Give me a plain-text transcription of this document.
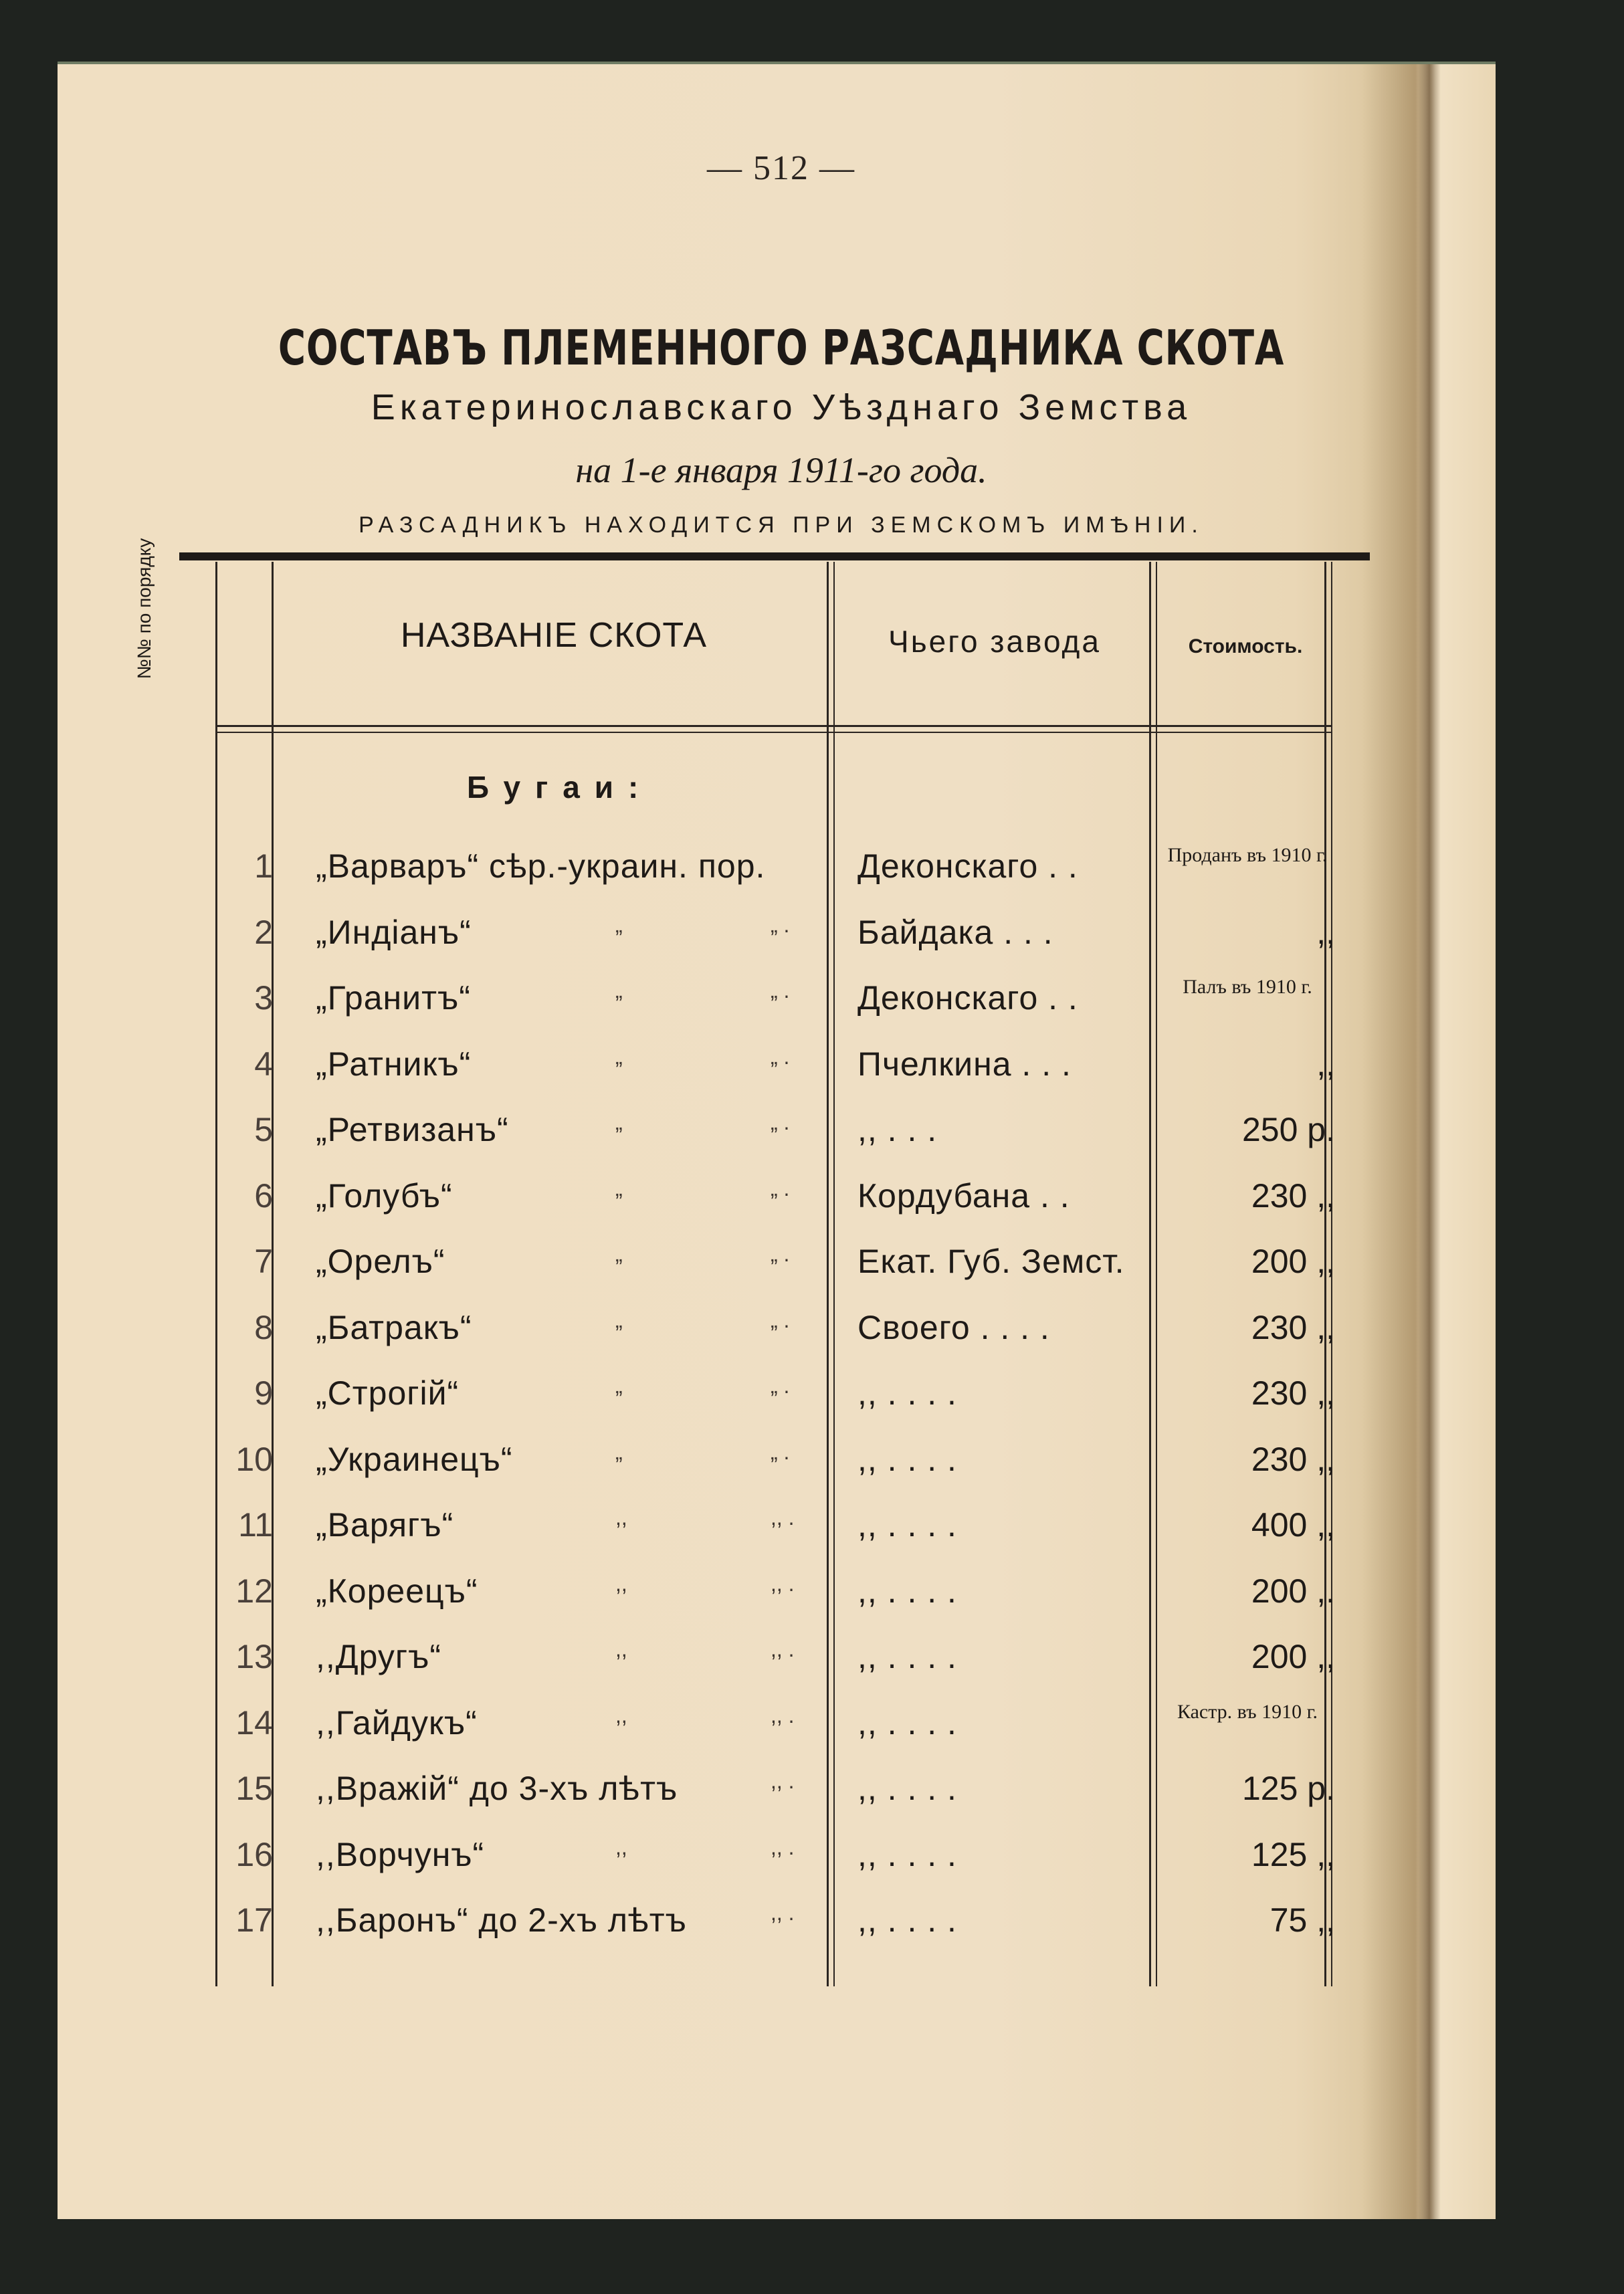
— 512 —
СОСТАВЪ ПЛЕМЕННОГО РАЗСАДНИКА СКОТА
Екатеринославскаго Уѣзднаго Земства
на 1-е января 1911-го года.
РАЗСАДНИКЪ НАХОДИТСЯ ПРИ ЗЕМСКОМЪ ИМѢНІИ.
№№ по порядку	НАЗВАНІЕ СКОТА	Чьего завода	Стоимость.
Бугаи:
1 „Варваръ“ сѣр.-украин. пор.	Деконскаго . .	Проданъ въ 1910 г.
2 „Индіанъ“	„	„ . Байдака . . .	,,
3 „Гранитъ“	„	„ . Деконскаго . .	Палъ въ 1910 г.
4 „Ратникъ“	„	„ . Пчелкина . . .	,,
5 „Ретвизанъ“	„	„ . ,, . . .	250 р.
6 „Голубъ“	„	„ . Кордубана . .	230 ,,
7 „Орелъ“	„	„ . Екат. Губ. Земст.	200 ,,
8 „Батракъ“	„	„ . Своего . . . .	230 ,,
9 „Строгій“	„	„ . ,, . . . .	230 ,,
10 „Украинецъ“	„	„ . ,, . . . .	230 ,,
11 „Варягъ“	,,	,, . ,, . . . .	400 ,,
12 „Кореецъ“	,,	,, . ,, . . . .	200 ,.
13 ,,Другъ“	,,	,, . ,, . . . .	200 ,,
14 ,,Гайдукъ“	,,	,, . ,, . . . .	Кастр. въ 1910 г.
15 ,,Вражій“ до 3-хъ лѣтъ	,, . ,, . . . .	125 р.
16 ,,Ворчунъ“	,,	,, . ,, . . . .	125 ,,
17 ,,Баронъ“ до 2-хъ лѣтъ	,, . ,, . . . .	75 ,,
